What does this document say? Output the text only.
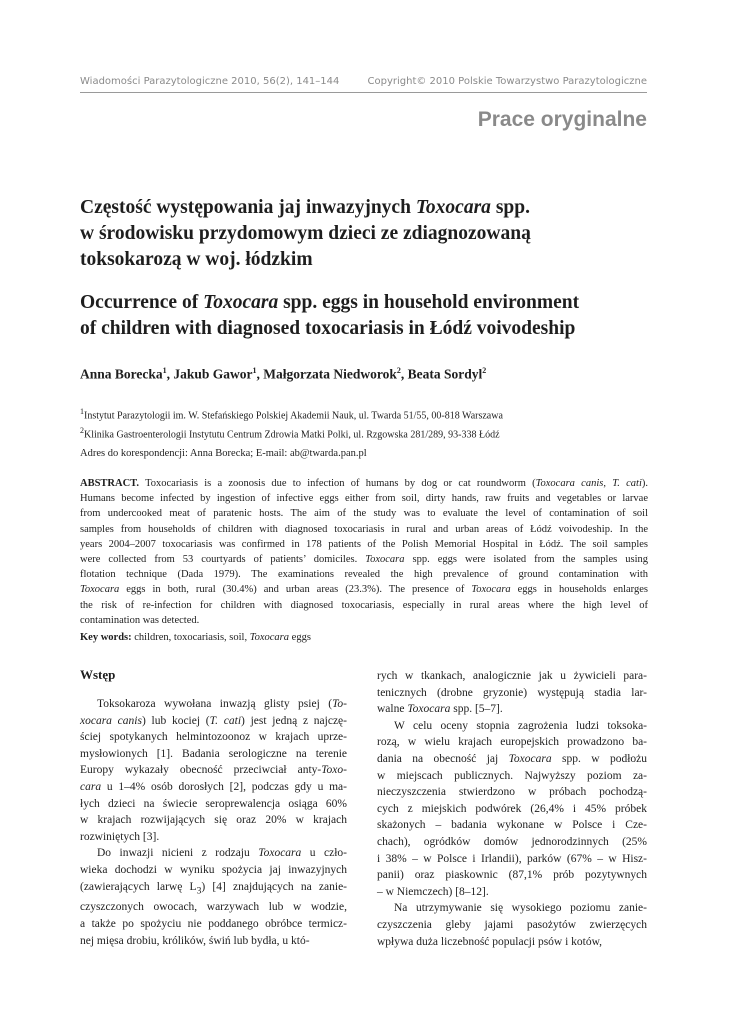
Wiadomości Parazytologiczne 2010, 56(2), 141–144	Copyright© 2010 Polskie Towarzystwo Parazytologiczne
Prace oryginalne
Częstość występowania jaj inwazyjnych Toxocara spp.
w środowisku przydomowym dzieci ze zdiagnozowaną
toksokarozą w woj. łódzkim
Occurrence of Toxocara spp. eggs in household environment
of children with diagnosed toxocariasis in Łódź voivodeship
Anna Borecka$^1$, Jakub Gawor$^1$, Małgorzata Niedworok$^2$, Beata Sordyl$^2$
$^1$Instytut Parazytologii im. W. Stefańskiego Polskiej Akademii Nauk, ul. Twarda 51/55, 00-818 Warszawa
$^2$Klinika Gastroenterologii Instytutu Centrum Zdrowia Matki Polki, ul. Rzgowska 281/289, 93-338 Łódź
Adres do korespondencji: Anna Borecka; E-mail: ab@twarda.pan.pl
ABSTRACT. Toxocariasis is a zoonosis due to infection of humans by dog or cat roundworm (Toxocara canis, T. cati).
Humans become infected by ingestion of infective eggs either from soil, dirty hands, raw fruits and vegetables or larvae
from undercooked meat of paratenic hosts. The aim of the study was to evaluate the level of contamination of soil
samples from households of children with diagnosed toxocariasis in rural and urban areas of Łódź voivodeship. In the
years 2004–2007 toxocariasis was confirmed in 178 patients of the Polish Memorial Hospital in Łódź. The soil samples
were collected from 53 courtyards of patients’ domiciles. Toxocara spp. eggs were isolated from the samples using
flotation technique (Dada 1979). The examinations revealed the high prevalence of ground contamination with
Toxocara eggs in both, rural (30.4%) and urban areas (23.3%). The presence of Toxocara eggs in households enlarges
the risk of re-infection for children with diagnosed toxocariasis, especially in rural areas where the high level of
contamination was detected.
Key words: children, toxocariasis, soil, Toxocara eggs
Wstęp
Toksokaroza wywołana inwazją glisty psiej (To-
xocara canis) lub kociej (T. cati) jest jedną z najczę-
ściej spotykanych helmintozoonoz w krajach uprze-
mysłowionych [1]. Badania serologiczne na terenie
Europy wykazały obecność przeciwciał anty-Toxo-
cara u 1–4% osób dorosłych [2], podczas gdy u ma-
łych dzieci na świecie seroprewalencja osiąga 60%
w krajach rozwijających się oraz 20% w krajach
rozwiniętych [3].
Do inwazji nicieni z rodzaju Toxocara u czło-
wieka dochodzi w wyniku spożycia jaj inwazyjnych
(zawierających larwę $L_3$) [4] znajdujących na zanie-
czyszczonych owocach, warzywach lub w wodzie,
a także po spożyciu nie poddanego obróbce termicz-
nej mięsa drobiu, królików, świń lub bydła, u któ-
rych w tkankach, analogicznie jak u żywicieli para-
tenicznych (drobne gryzonie) występują stadia lar-
walne Toxocara spp. [5–7].
W celu oceny stopnia zagrożenia ludzi toksoka-
rozą, w wielu krajach europejskich prowadzono ba-
dania na obecność jaj Toxocara spp. w podłożu
w miejscach publicznych. Najwyższy poziom za-
nieczyszczenia stwierdzono w próbach pochodzą-
cych z miejskich podwórek (26,4% i 45% próbek
skażonych – badania wykonane w Polsce i Cze-
chach), ogródków domów jednorodzinnych (25%
i 38% – w Polsce i Irlandii), parków (67% – w Hisz-
panii) oraz piaskownic (87,1% prób pozytywnych
– w Niemczech) [8–12].
Na utrzymywanie się wysokiego poziomu zanie-
czyszczenia gleby jajami pasożytów zwierzęcych
wpływa duża liczebność populacji psów i kotów,
